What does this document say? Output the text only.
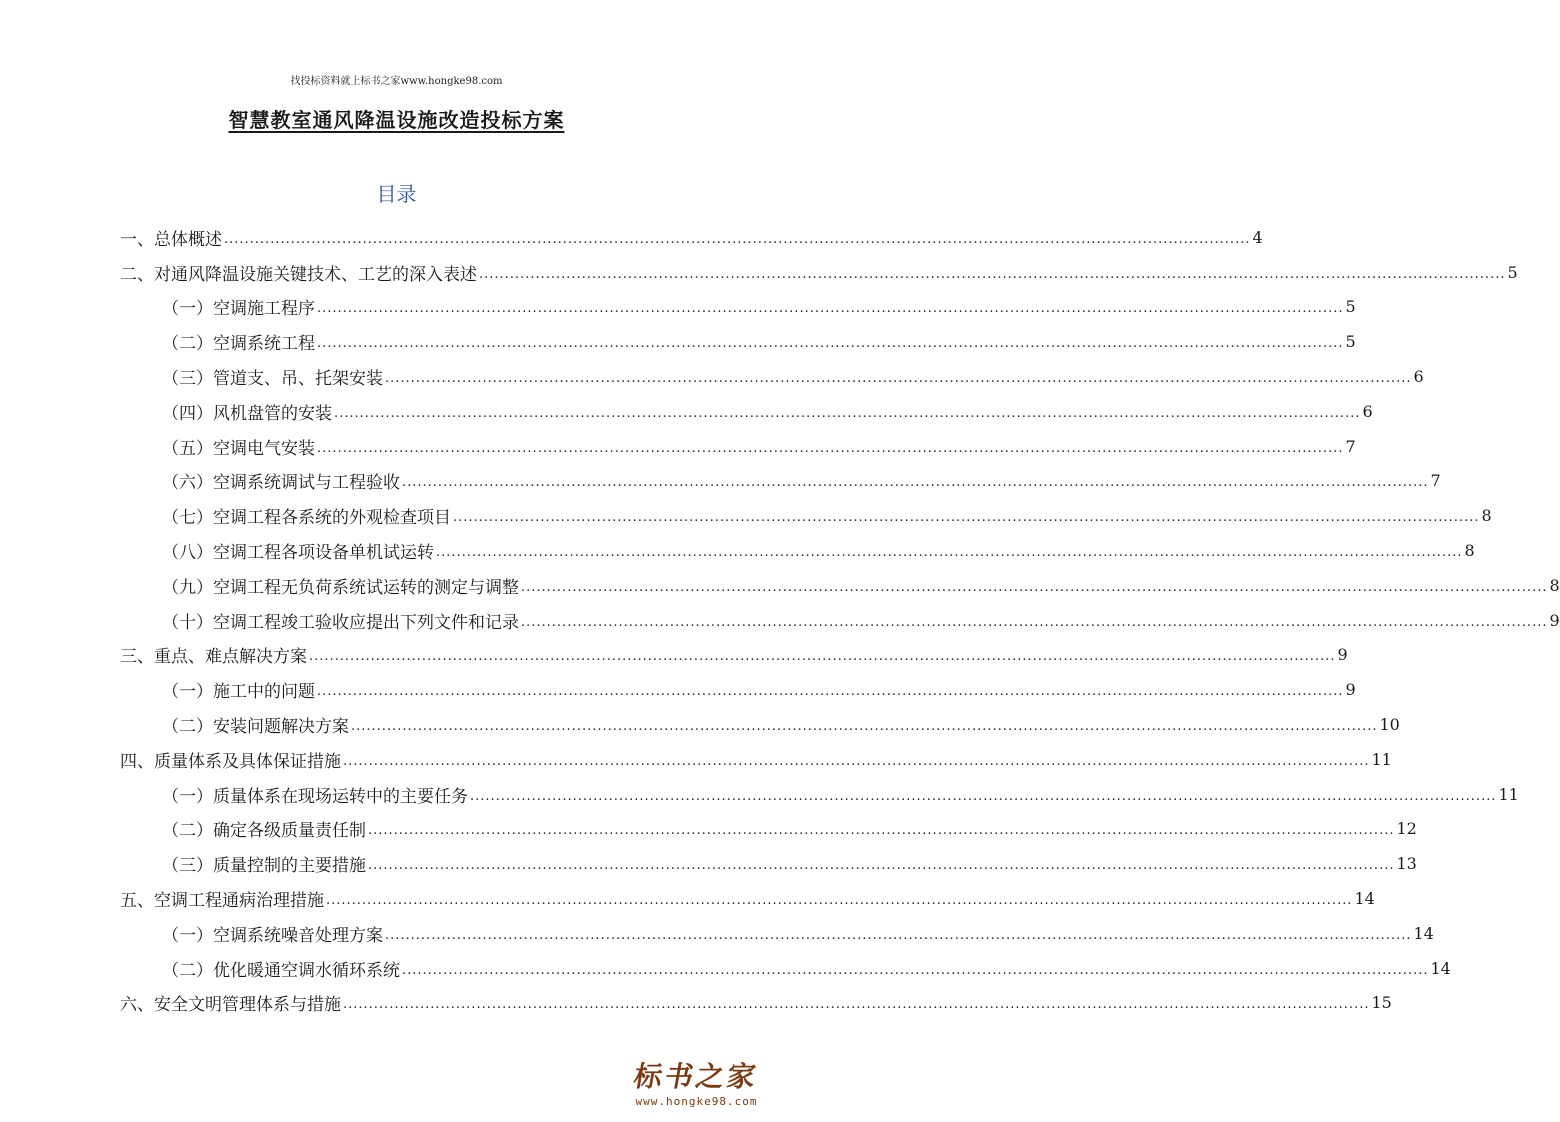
找投标资料就上标书之家www.hongke98.com
智慧教室通风降温设施改造投标方案
目录
一、总体概述 ........................................................................................................................................................................................................ 4
二、对通风降温设施关键技术、工艺的深入表述 ........................................................................................................................................................................................................ 5
（一）空调施工程序 ........................................................................................................................................................................................................ 5
（二）空调系统工程 ........................................................................................................................................................................................................ 5
（三）管道支、吊、托架安装 ........................................................................................................................................................................................................ 6
（四）风机盘管的安装 ........................................................................................................................................................................................................ 6
（五）空调电气安装 ........................................................................................................................................................................................................ 7
（六）空调系统调试与工程验收 ........................................................................................................................................................................................................ 7
（七）空调工程各系统的外观检查项目 ........................................................................................................................................................................................................ 8
（八）空调工程各项设备单机试运转 ........................................................................................................................................................................................................ 8
（九）空调工程无负荷系统试运转的测定与调整 ........................................................................................................................................................................................................ 8
（十）空调工程竣工验收应提出下列文件和记录 ........................................................................................................................................................................................................ 9
三、重点、难点解决方案 ........................................................................................................................................................................................................ 9
（一）施工中的问题 ........................................................................................................................................................................................................ 9
（二）安装问题解决方案 ........................................................................................................................................................................................................ 10
四、质量体系及具体保证措施 ........................................................................................................................................................................................................ 11
（一）质量体系在现场运转中的主要任务 ........................................................................................................................................................................................................ 11
（二）确定各级质量责任制 ........................................................................................................................................................................................................ 12
（三）质量控制的主要措施 ........................................................................................................................................................................................................ 13
五、空调工程通病治理措施 ........................................................................................................................................................................................................ 14
（一）空调系统噪音处理方案 ........................................................................................................................................................................................................ 14
（二）优化暖通空调水循环系统 ........................................................................................................................................................................................................ 14
六、安全文明管理体系与措施 ........................................................................................................................................................................................................ 15
标书之家
www.hongke98.com
